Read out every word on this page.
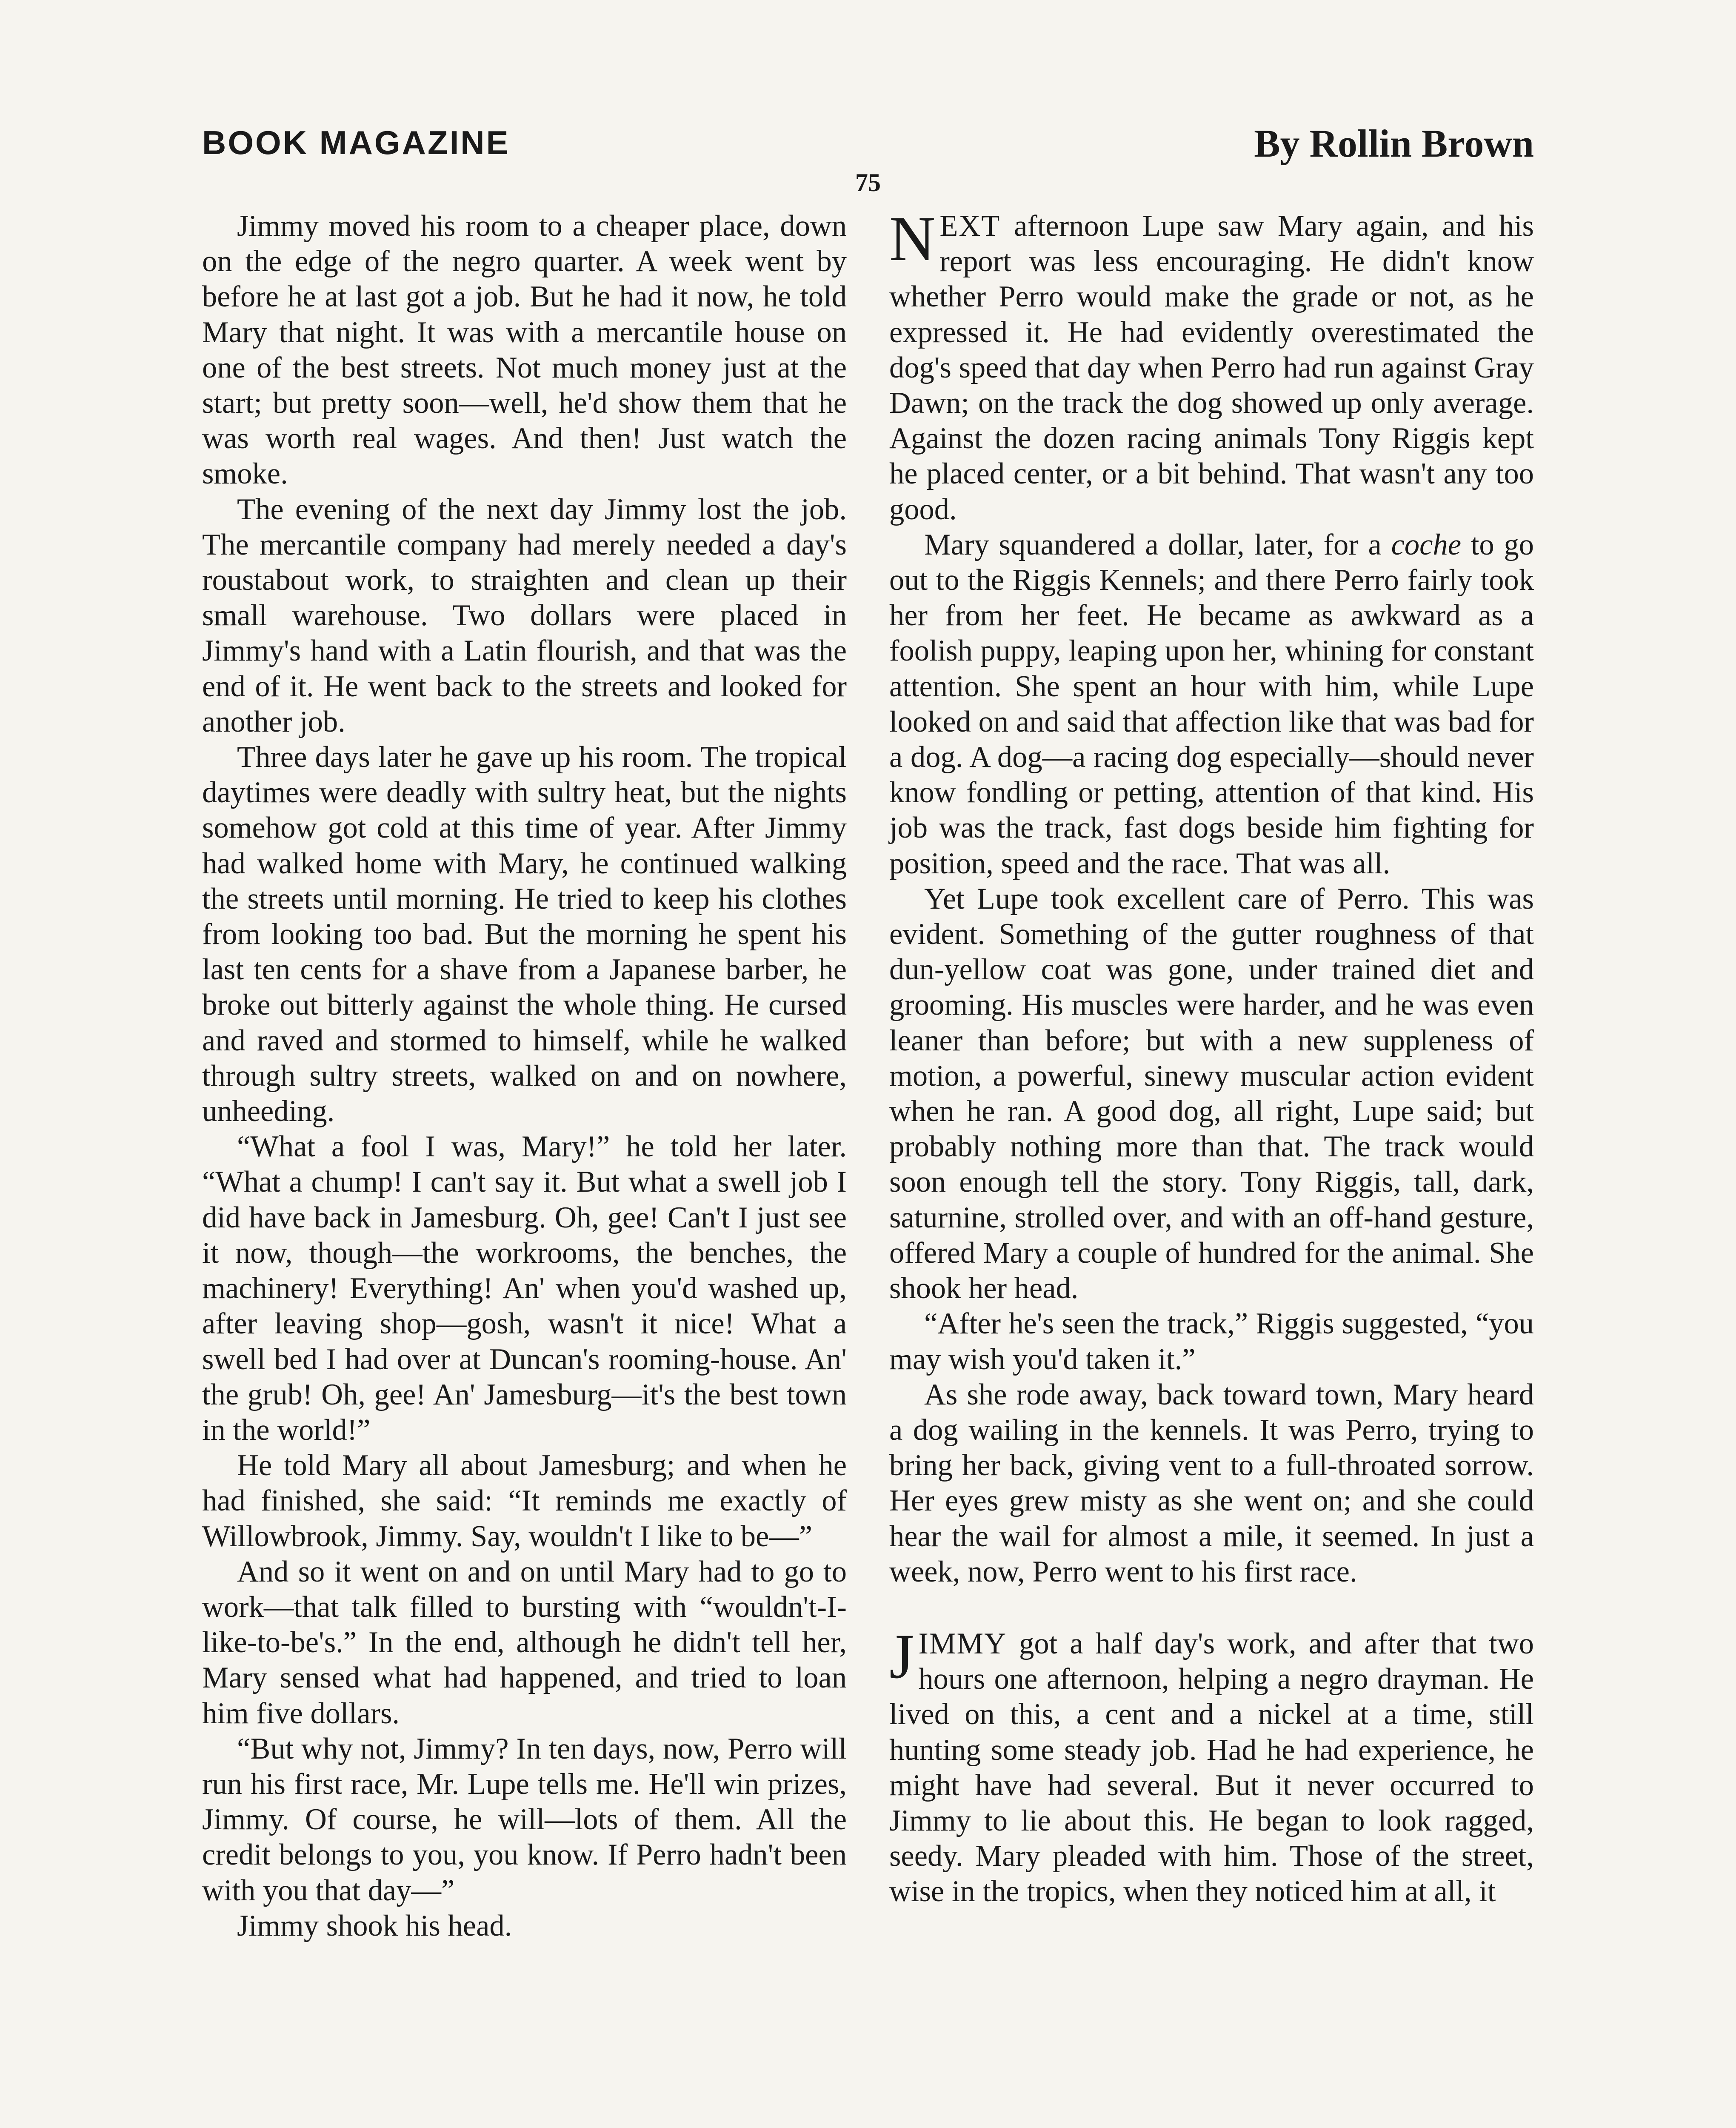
BOOK MAGAZINE	By Rollin Brown
75

Jimmy moved his room to a cheaper place, down on the edge of the negro quarter. A week went by before he at last got a job. But he had it now, he told Mary that night. It was with a mercantile house on one of the best streets. Not much money just at the start; but pretty soon—well, he'd show them that he was worth real wages. And then! Just watch the smoke.

The evening of the next day Jimmy lost the job. The mercantile company had merely needed a day's roustabout work, to straighten and clean up their small warehouse. Two dollars were placed in Jimmy's hand with a Latin flourish, and that was the end of it. He went back to the streets and looked for another job.

Three days later he gave up his room. The tropical daytimes were deadly with sultry heat, but the nights somehow got cold at this time of year. After Jimmy had walked home with Mary, he continued walking the streets until morning. He tried to keep his clothes from looking too bad. But the morning he spent his last ten cents for a shave from a Japanese barber, he broke out bitterly against the whole thing. He cursed and raved and stormed to himself, while he walked through sultry streets, walked on and on nowhere, unheeding.

“What a fool I was, Mary!” he told her later. “What a chump! I can't say it. But what a swell job I did have back in Jamesburg. Oh, gee! Can't I just see it now, though—the workrooms, the benches, the machinery! Everything! An' when you'd washed up, after leaving shop—gosh, wasn't it nice! What a swell bed I had over at Duncan's rooming-house. An' the grub! Oh, gee! An' Jamesburg—it's the best town in the world!”

He told Mary all about Jamesburg; and when he had finished, she said: “It reminds me exactly of Willowbrook, Jimmy. Say, wouldn't I like to be—”

And so it went on and on until Mary had to go to work—that talk filled to bursting with “wouldn't-I-like-to-be's.” In the end, although he didn't tell her, Mary sensed what had happened, and tried to loan him five dollars.

“But why not, Jimmy? In ten days, now, Perro will run his first race, Mr. Lupe tells me. He'll win prizes, Jimmy. Of course, he will—lots of them. All the credit belongs to you, you know. If Perro hadn't been with you that day—”

Jimmy shook his head.

NEXT afternoon Lupe saw Mary again, and his report was less encouraging. He didn't know whether Perro would make the grade or not, as he expressed it. He had evidently overestimated the dog's speed that day when Perro had run against Gray Dawn; on the track the dog showed up only average. Against the dozen racing animals Tony Riggis kept he placed center, or a bit behind. That wasn't any too good.

Mary squandered a dollar, later, for a coche to go out to the Riggis Kennels; and there Perro fairly took her from her feet. He became as awkward as a foolish puppy, leaping upon her, whining for constant attention. She spent an hour with him, while Lupe looked on and said that affection like that was bad for a dog. A dog—a racing dog especially—should never know fondling or petting, attention of that kind. His job was the track, fast dogs beside him fighting for position, speed and the race. That was all.

Yet Lupe took excellent care of Perro. This was evident. Something of the gutter roughness of that dun-yellow coat was gone, under trained diet and grooming. His muscles were harder, and he was even leaner than before; but with a new suppleness of motion, a powerful, sinewy muscular action evident when he ran. A good dog, all right, Lupe said; but probably nothing more than that. The track would soon enough tell the story. Tony Riggis, tall, dark, saturnine, strolled over, and with an off-hand gesture, offered Mary a couple of hundred for the animal. She shook her head.

“After he's seen the track,” Riggis suggested, “you may wish you'd taken it.”

As she rode away, back toward town, Mary heard a dog wailing in the kennels. It was Perro, trying to bring her back, giving vent to a full-throated sorrow. Her eyes grew misty as she went on; and she could hear the wail for almost a mile, it seemed. In just a week, now, Perro went to his first race.

JIMMY got a half day's work, and after that two hours one afternoon, helping a negro drayman. He lived on this, a cent and a nickel at a time, still hunting some steady job. Had he had experience, he might have had several. But it never occurred to Jimmy to lie about this. He began to look ragged, seedy. Mary pleaded with him. Those of the street, wise in the tropics, when they noticed him at all, it
